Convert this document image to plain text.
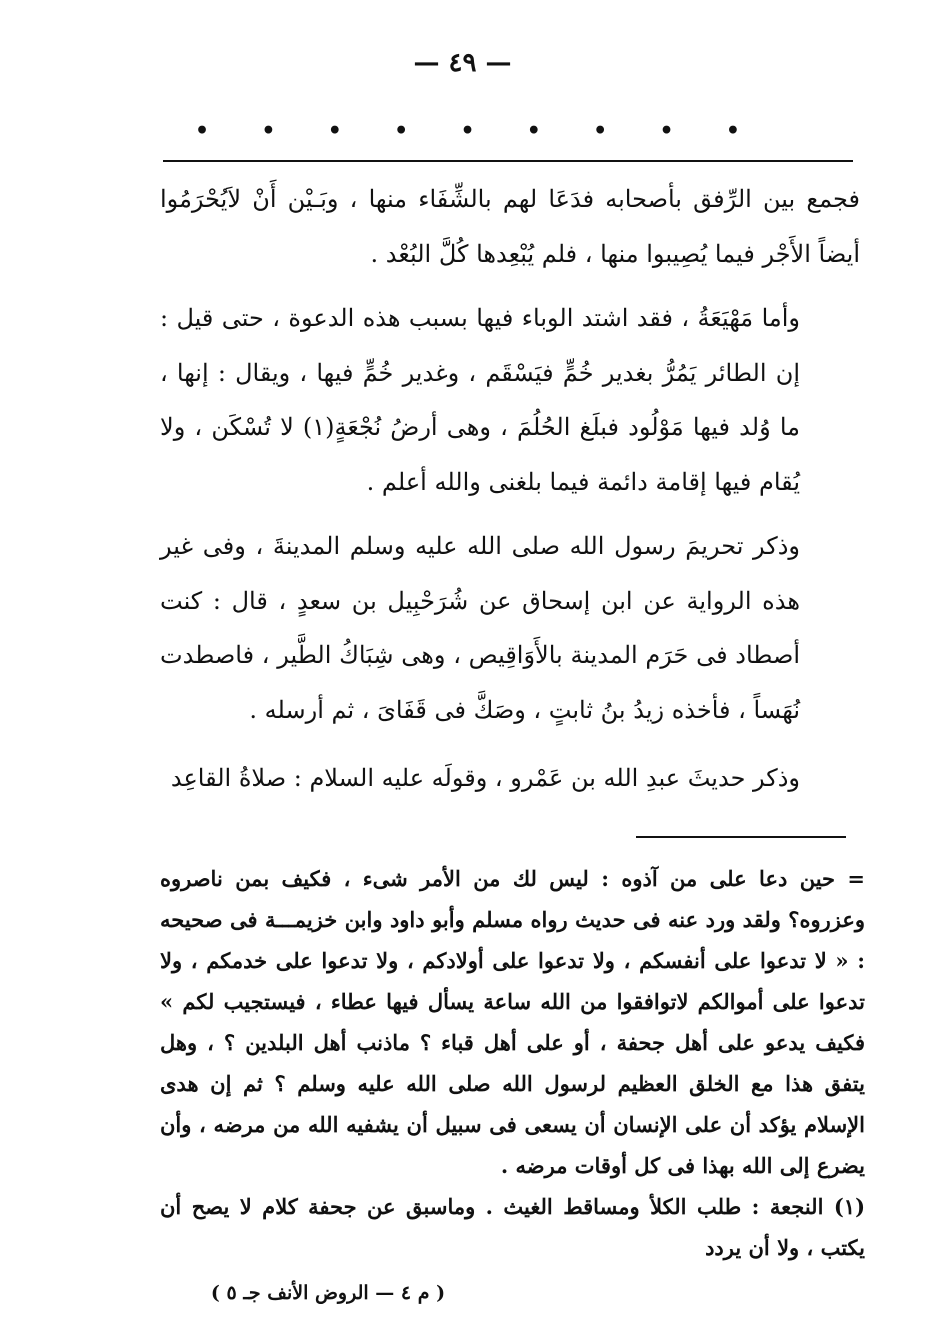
— ٤٩ —
• • • • • • • • •

فجمع بين الرِّفق بأصحابه فدَعَا لهم بالشِّفَاء منها ، وبَـيْن أَنْ لاَيُحْرَمُوا أيضاً الأَجْر فيما يُصِيبوا منها ، فلم يُبْعِدها كُلَّ البُعْد .

وأما مَهْيَعَةُ ، فقد اشتد الوباء فيها بسبب هذه الدعوة ، حتى قيل : إن الطائر يَمُرُّ بغدير خُمٍّ فيَسْقَم ، وغدير خُمٍّ فيها ، ويقال : إنها ، ما وُلد فيها مَوْلُود فبلَغ الحُلُمَ ، وهى أرضُ نُجْعَةٍ(١) لا تُسْكَن ، ولا يُقام فيها إقامة دائمة فيما بلغنى والله أعلم .

وذكر تحريمَ رسول الله صلى الله عليه وسلم المدينةَ ، وفى غير هذه الرواية عن ابن إسحاق عن شُرَحْبِيل بن سعدٍ ، قال : كنت أصطاد فى حَرَم المدينة بالأَوَاقِيص ، وهى شِبَاكُ الطَّير ، فاصطدت نُهَساً ، فأخذه زيدُ بنُ ثابتٍ ، وصَكَّ فى قَفَاىَ ، ثم أرسله .

وذكر حديثَ عبدِ الله بن عَمْرو ، وقولَه عليه السلام : صلاةُ القاعِد

= حين دعا على من آذوه : ليس لك من الأمر شىء ، فكيف بمن ناصروه وعزروه؟ ولقد ورد عنه فى حديث رواه مسلم وأبو داود وابن خزيمـــة فى صحيحه : « لا تدعوا على أنفسكم ، ولا تدعوا على أولادكم ، ولا تدعوا على خدمكم ، ولا تدعوا على أموالكم لاتوافقوا من الله ساعة يسأل فيها عطاء ، فيستجيب لكم » فكيف يدعو على أهل جحفة ، أو على أهل قباء ؟ ماذنب أهل البلدين ؟ ، وهل يتفق هذا مع الخلق العظيم لرسول الله صلى الله عليه وسلم ؟ ثم إن هدى الإسلام يؤكد أن على الإنسان أن يسعى فى سبيل أن يشفيه الله من مرضه ، وأن يضرع إلى الله بهذا فى كل أوقات مرضه .

(١) النجعة : طلب الكلأ ومساقط الغيث . وماسبق عن جحفة كلام لا يصح أن يكتب ، ولا أن يردد

( م ٤ — الروض الأنف جـ ٥ )
